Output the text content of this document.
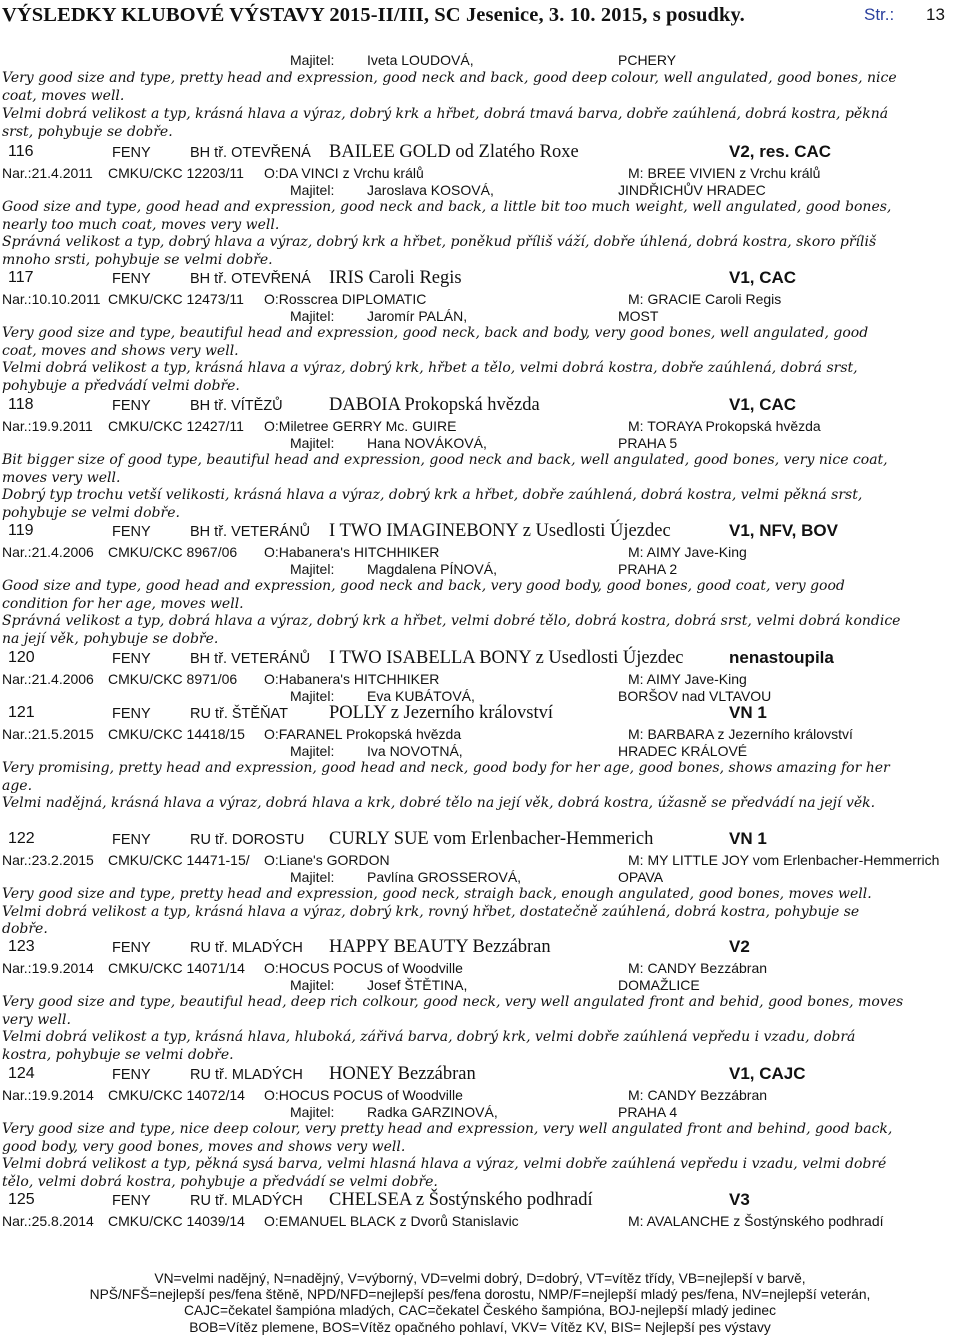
VÝSLEDKY KLUBOVÉ VÝSTAVY 2015-II/III, SC Jesenice, 3. 10. 2015, s posudky.	Str.: 13
Majitel: Iveta LOUDOVÁ,	PCHERY
Very good size and type, pretty head and expression, good neck and back, good deep colour, well angulated, good bones, nice coat, moves well.
Velmi dobrá velikost a typ, krásná hlava a výraz, dobrý krk a hřbet, dobrá tmavá barva, dobře zaúhlená, dobrá kostra, pěkná srst, pohybuje se dobře.
116	FENY	BH tř. OTEVŘENÁ BAILEE GOLD od Zlatého Roxe	V2, res. CAC
Nar.:21.4.2011 CMKU/CKC 12203/11 O:DA VINCI z Vrchu králů	M: BREE VIVIEN z Vrchu králů
Majitel: Jaroslava KOSOVÁ,	JINDŘICHŮV HRADEC
Good size and type, good head and expression, good neck and back, a little bit too much weight, well angulated, good bones, nearly too much coat, moves very well.
Správná velikost a typ, dobrý hlava a výraz, dobrý krk a hřbet, poněkud příliš váží, dobře úhlená, dobrá kostra, skoro příliš mnoho srsti, pohybuje se velmi dobře.
117	FENY	BH tř. OTEVŘENÁ IRIS Caroli Regis	V1, CAC
Nar.:10.10.2011 CMKU/CKC 12473/11 O:Rosscrea DIPLOMATIC	M: GRACIE Caroli Regis
Majitel: Jaromír PALÁN,	MOST
Very good size and type, beautiful head and expression, good neck, back and body, very good bones, well angulated, good coat, moves and shows very well.
Velmi dobrá velikost a typ, krásná hlava a výraz, dobrý krk, hřbet a tělo, velmi dobrá kostra, dobře zaúhlená, dobrá srst, pohybuje a předvádí velmi dobře.
118	FENY	BH tř. VÍTĚZŮ	DABOIA Prokopská hvězda	V1, CAC
Nar.:19.9.2011 CMKU/CKC 12427/11 O:Miletree GERRY Mc. GUIRE	M: TORAYA Prokopská hvězda
Majitel: Hana NOVÁKOVÁ,	PRAHA 5
Bit bigger size of good type, beautiful head and expression, good neck and back, well angulated, good bones, very nice coat, moves very well.
Dobrý typ trochu vetší velikosti, krásná hlava a výraz, dobrý krk a hřbet, dobře zaúhlená, dobrá kostra, velmi pěkná srst, pohybuje se velmi dobře.
119	FENY	BH tř. VETERÁNŮ I TWO IMAGINEBONY z Usedlosti Újezdec	V1, NFV, BOV
Nar.:21.4.2006 CMKU/CKC 8967/06 O:Habanera's HITCHHIKER	M: AIMY Jave-King
Majitel: Magdalena PÍNOVÁ,	PRAHA 2
Good size and type, good head and expression, good neck and back, very good body, good bones, good coat, very good condition for her age, moves well.
Správná velikost a typ, dobrá hlava a výraz, dobrý krk a hřbet, velmi dobré tělo, dobrá kostra, dobrá srst, velmi dobrá kondice na její věk, pohybuje se dobře.
120	FENY	BH tř. VETERÁNŮ I TWO ISABELLA BONY z Usedlosti Újezdec	nenastoupila
Nar.:21.4.2006 CMKU/CKC 8971/06 O:Habanera's HITCHHIKER	M: AIMY Jave-King
Majitel: Eva KUBÁTOVÁ,	BORŠOV nad VLTAVOU
121	FENY	RU tř. ŠTĚŇAT POLLY z Jezerního království	VN 1
Nar.:21.5.2015 CMKU/CKC 14418/15 O:FARANEL Prokopská hvězda	M: BARBARA z Jezerního království
Majitel: Iva NOVOTNÁ,	HRADEC KRÁLOVÉ
Very promising, pretty head and expression, good head and neck, good body for her age, good bones, shows amazing for her age.
Velmi nadějná, krásná hlava a výraz, dobrá hlava a krk, dobré tělo na její věk, dobrá kostra, úžasně se předvádí na její věk.
122	FENY	RU tř. DOROSTU CURLY SUE vom Erlenbacher-Hemmerich	VN 1
Nar.:23.2.2015 CMKU/CKC 14471-15/ O:Liane's GORDON	M: MY LITTLE JOY vom Erlenbacher-Hemmerrich
Majitel: Pavlína GROSSEROVÁ,	OPAVA
Very good size and type, pretty head and expression, good neck, straigh back, enough angulated, good bones, moves well.
Velmi dobrá velikost a typ, krásná hlava a výraz, dobrý krk, rovný hřbet, dostatečně zaúhlená, dobrá kostra, pohybuje se dobře.
123	FENY	RU tř. MLADÝCH HAPPY BEAUTY Bezzábran	V2
Nar.:19.9.2014 CMKU/CKC 14071/14 O:HOCUS POCUS of Woodville	M: CANDY Bezzábran
Majitel: Josef ŠTĚTINA,	DOMAŽLICE
Very good size and type, beautiful head, deep rich colkour, good neck, very well angulated front and behid, good bones, moves very well.
Velmi dobrá velikost a typ, krásná hlava, hluboká, zářivá barva, dobrý krk, velmi dobře zaúhlená vepředu i vzadu, dobrá kostra, pohybuje se velmi dobře.
124	FENY	RU tř. MLADÝCH HONEY Bezzábran	V1, CAJC
Nar.:19.9.2014 CMKU/CKC 14072/14 O:HOCUS POCUS of Woodville	M: CANDY Bezzábran
Majitel: Radka GARZINOVÁ,	PRAHA 4
Very good size and type, nice deep colour, very pretty head and expression, very well angulated front and behind, good back, good body, very good bones, moves and shows very well.
Velmi dobrá velikost a typ, pěkná sysá barva, velmi hlasná hlava a výraz, velmi dobře zaúhlená vepředu i vzadu, velmi dobré tělo, velmi dobrá kostra, pohybuje a předvádí se velmi dobře.
125	FENY	RU tř. MLADÝCH CHELSEA z Šostýnského podhradí	V3
Nar.:25.8.2014 CMKU/CKC 14039/14 O:EMANUEL BLACK z Dvorů Stanislavic	M: AVALANCHE z Šostýnského podhradí
VN=velmi nadějný, N=nadějný, V=výborný, VD=velmi dobrý, D=dobrý, VT=vítěz třídy, VB=nejlepší v barvě,
NPŠ/NFŠ=nejlepší pes/fena štěně, NPD/NFD=nejlepší pes/fena dorostu, NMP/F=nejlepší mladý pes/fena, NV=nejlepší veterán,
CAJC=čekatel šampióna mladých, CAC=čekatel Českého šampióna, BOJ-nejlepší mladý jedinec
BOB=Vítěz plemene, BOS=Vítěz opačného pohlaví, VKV= Vítěz KV, BIS= Nejlepší pes výstavy
